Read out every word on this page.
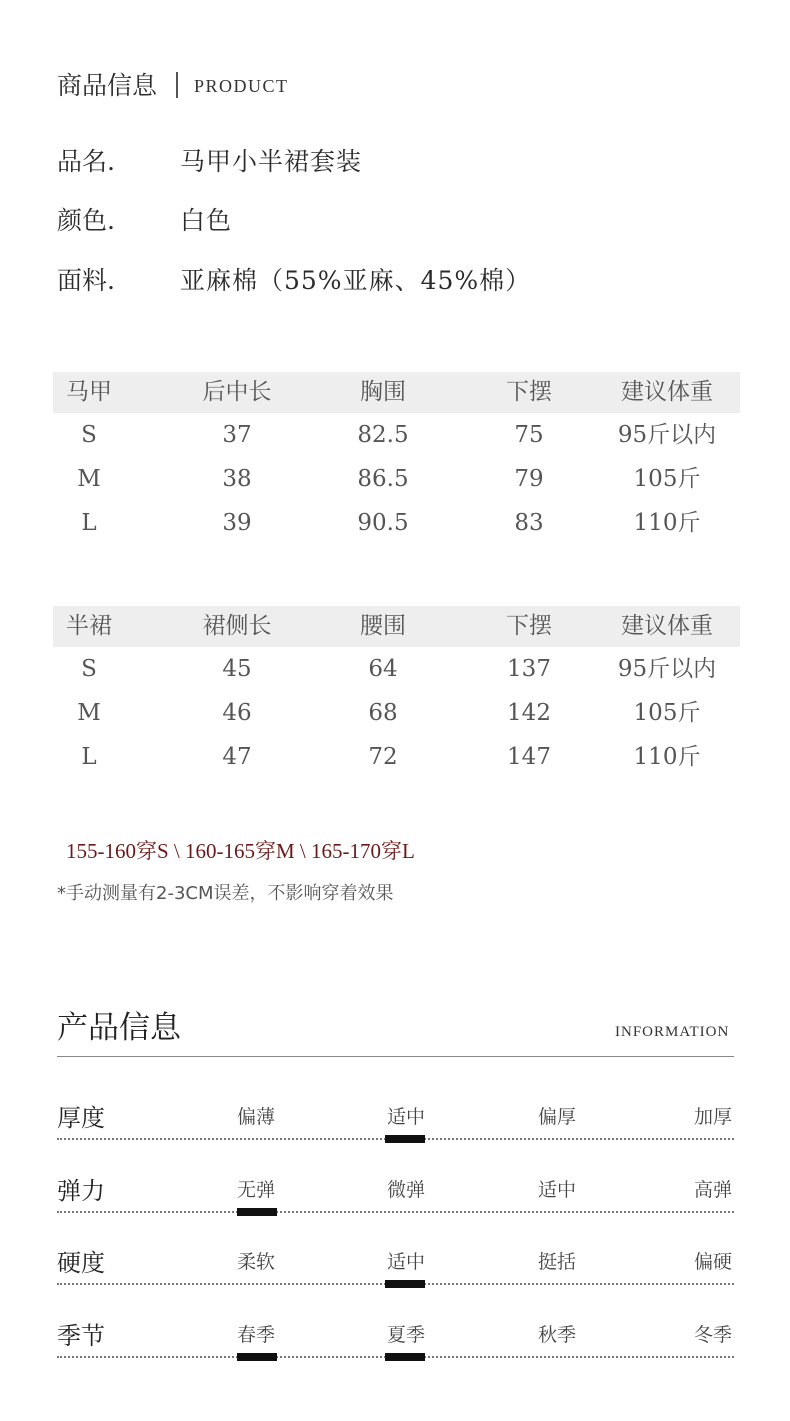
商品信息 PRODUCT
品名.	马甲小半裙套装
颜色.	白色
面料.	亚麻棉（55%亚麻、45%棉）
马甲	后中长	胸围	下摆	建议体重
S	37	82.5	75	95斤以内
M	38	86.5	79	105斤
L	39	90.5	83	110斤
半裙	裙侧长	腰围	下摆	建议体重
S	45	64	137	95斤以内
M	46	68	142	105斤
L	47	72	147	110斤
155-160穿S \ 160-165穿M \ 165-170穿L
*手动测量有2-3CM误差，不影响穿着效果
产品信息	INFORMATION
厚度	偏薄	适中	偏厚	加厚
弹力	无弹	微弹	适中	高弹
硬度	柔软	适中	挺括	偏硬
季节	春季	夏季	秋季	冬季
